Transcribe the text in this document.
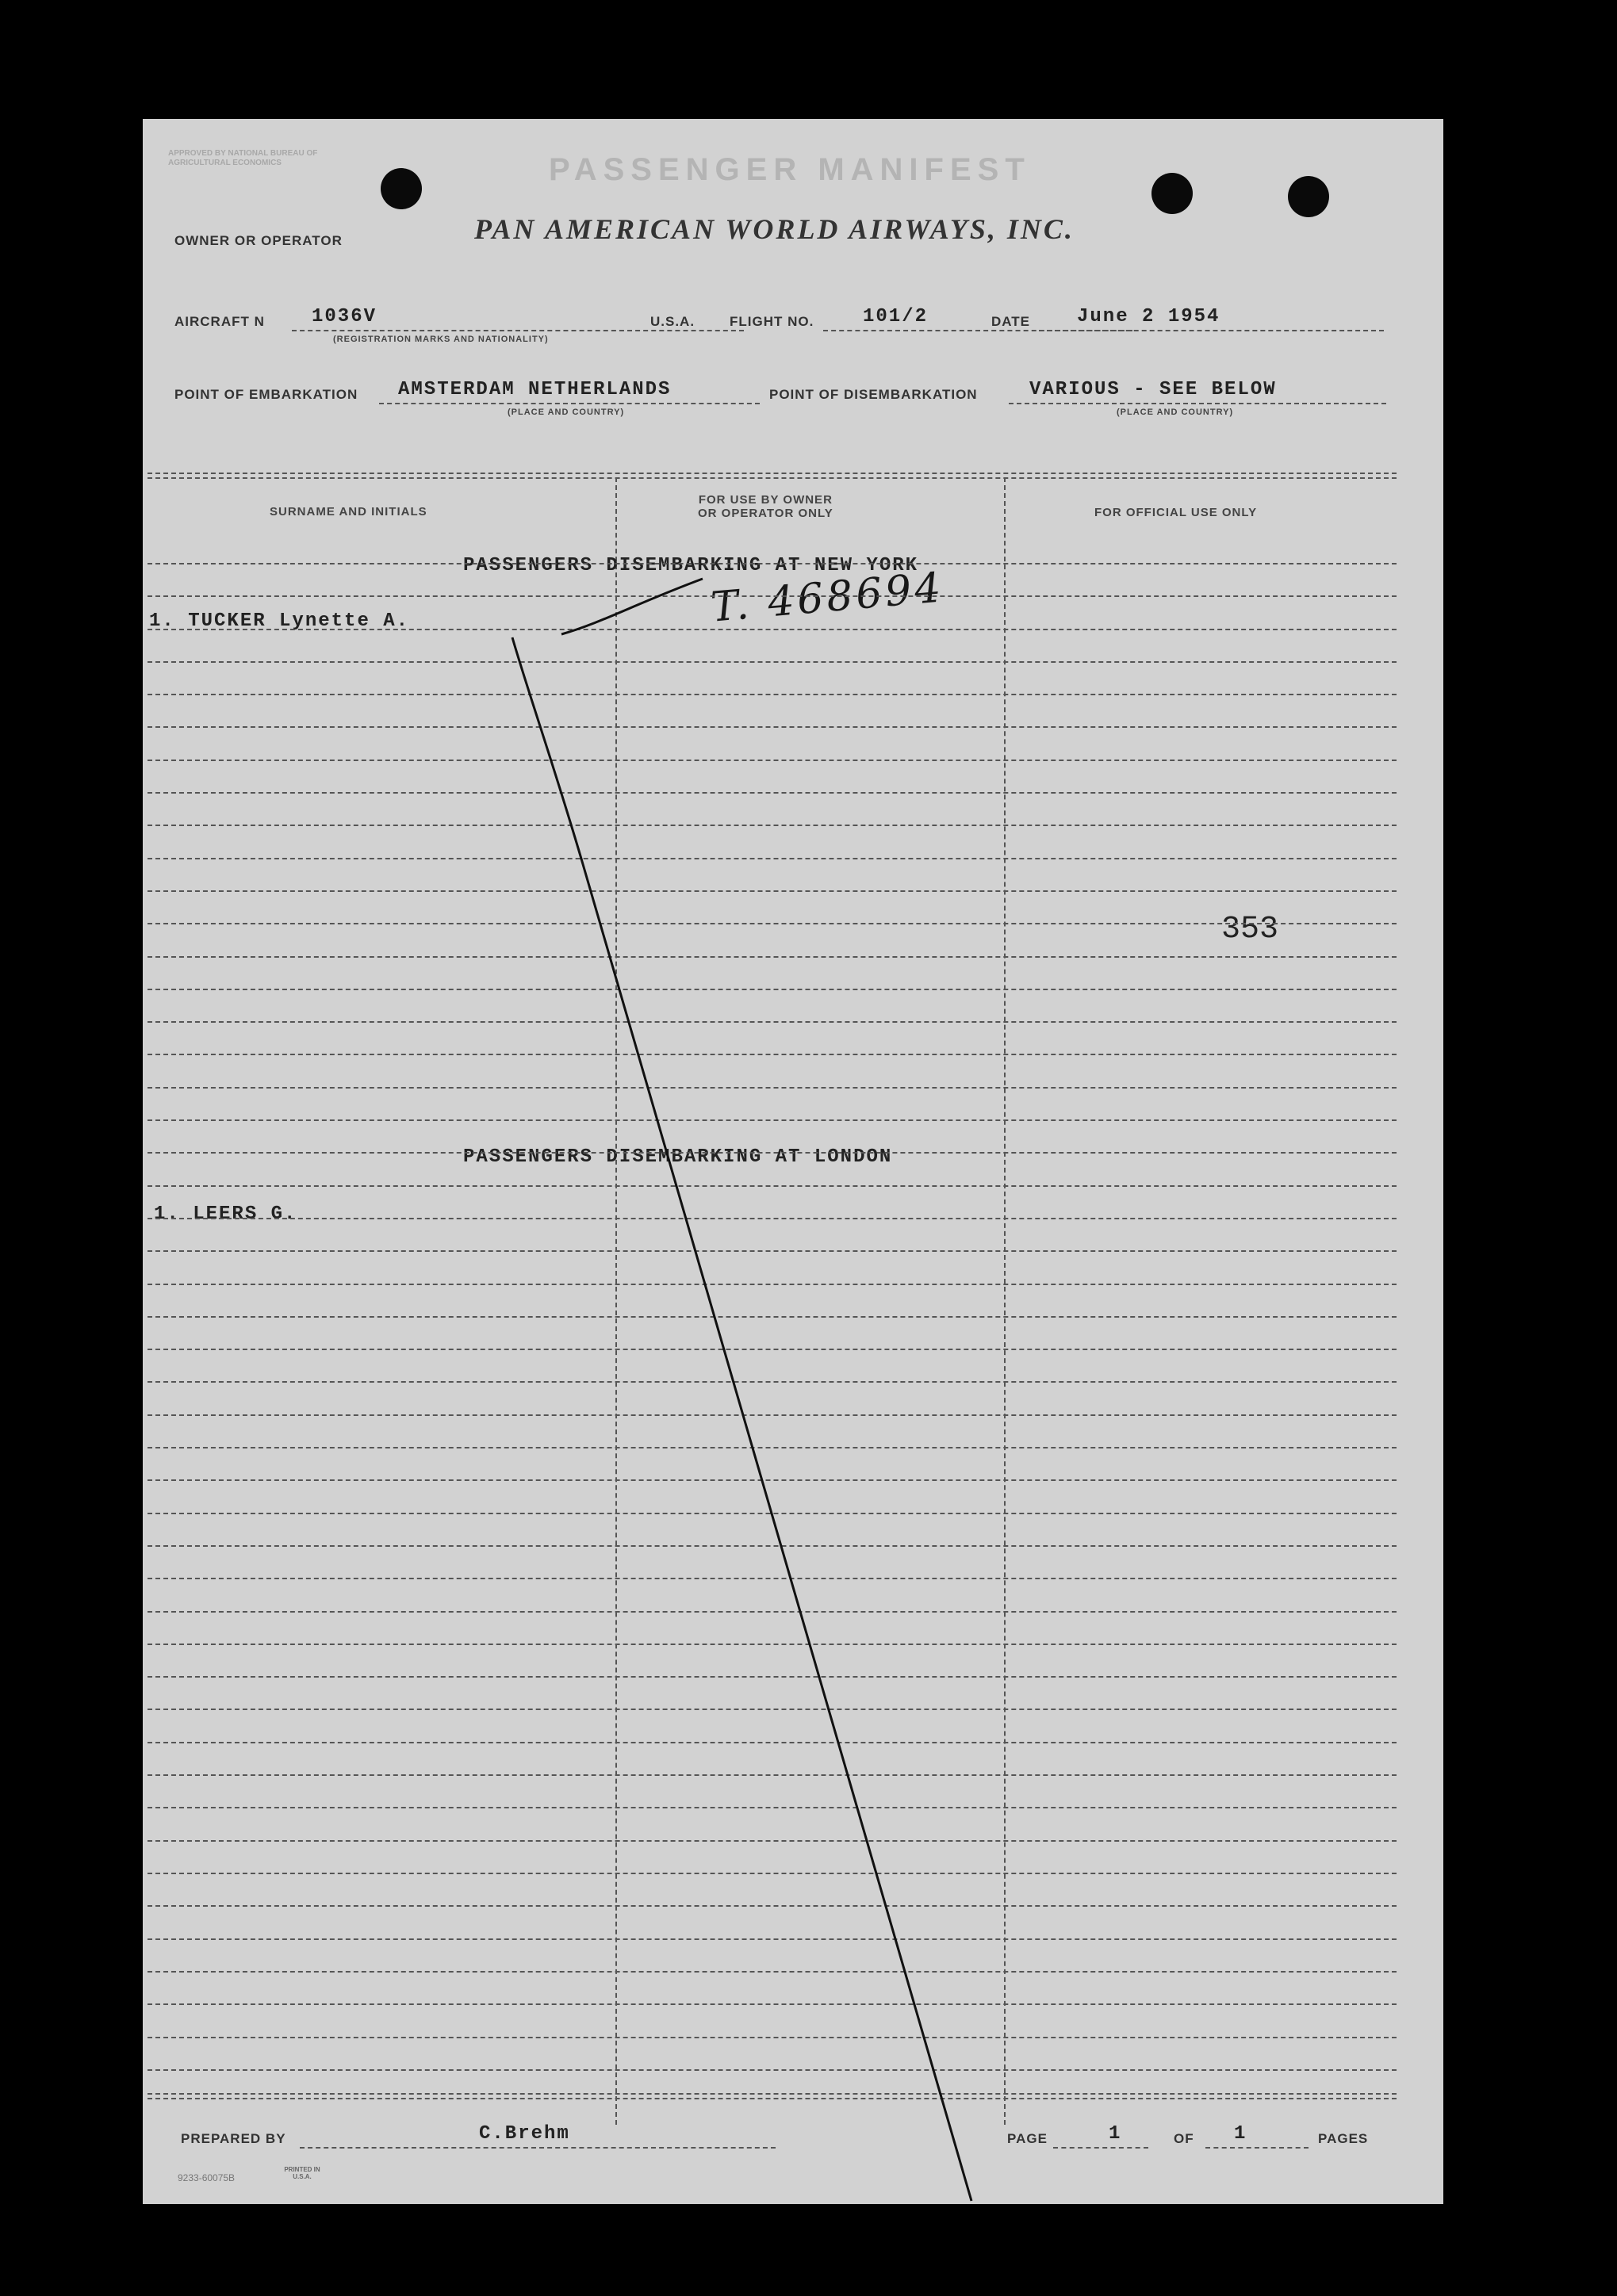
APPROVED BY NATIONAL BUREAU OF AGRICULTURAL ECONOMICS	PASSENGER MANIFEST
OWNER OR OPERATOR	PAN AMERICAN WORLD AIRWAYS, INC.
AIRCRAFT N 1036V
(REGISTRATION MARKS AND NATIONALITY)
U.S.A.	FLIGHT NO.	101/2	DATE June 2 1954
POINT OF EMBARKATION AMSTERDAM NETHERLANDS
(PLACE AND COUNTRY)
POINT OF DISEMBARKATION	VARIOUS - SEE BELOW
(PLACE AND COUNTRY)
SURNAME AND INITIALS
FOR USE BY OWNER
OR OPERATOR ONLY	FOR OFFICIAL USE ONLY
PASSENGERS DISEMBARKING AT NEW YORK
1. TUCKER Lynette A.	T. 468694
353
PASSENGERS DISEMBARKING AT LONDON
1. LEERS G.
PREPARED BY	C.Brehm	PAGE	1	OF 1	PAGES
9233-60075B
PRINTED IN U.S.A.
